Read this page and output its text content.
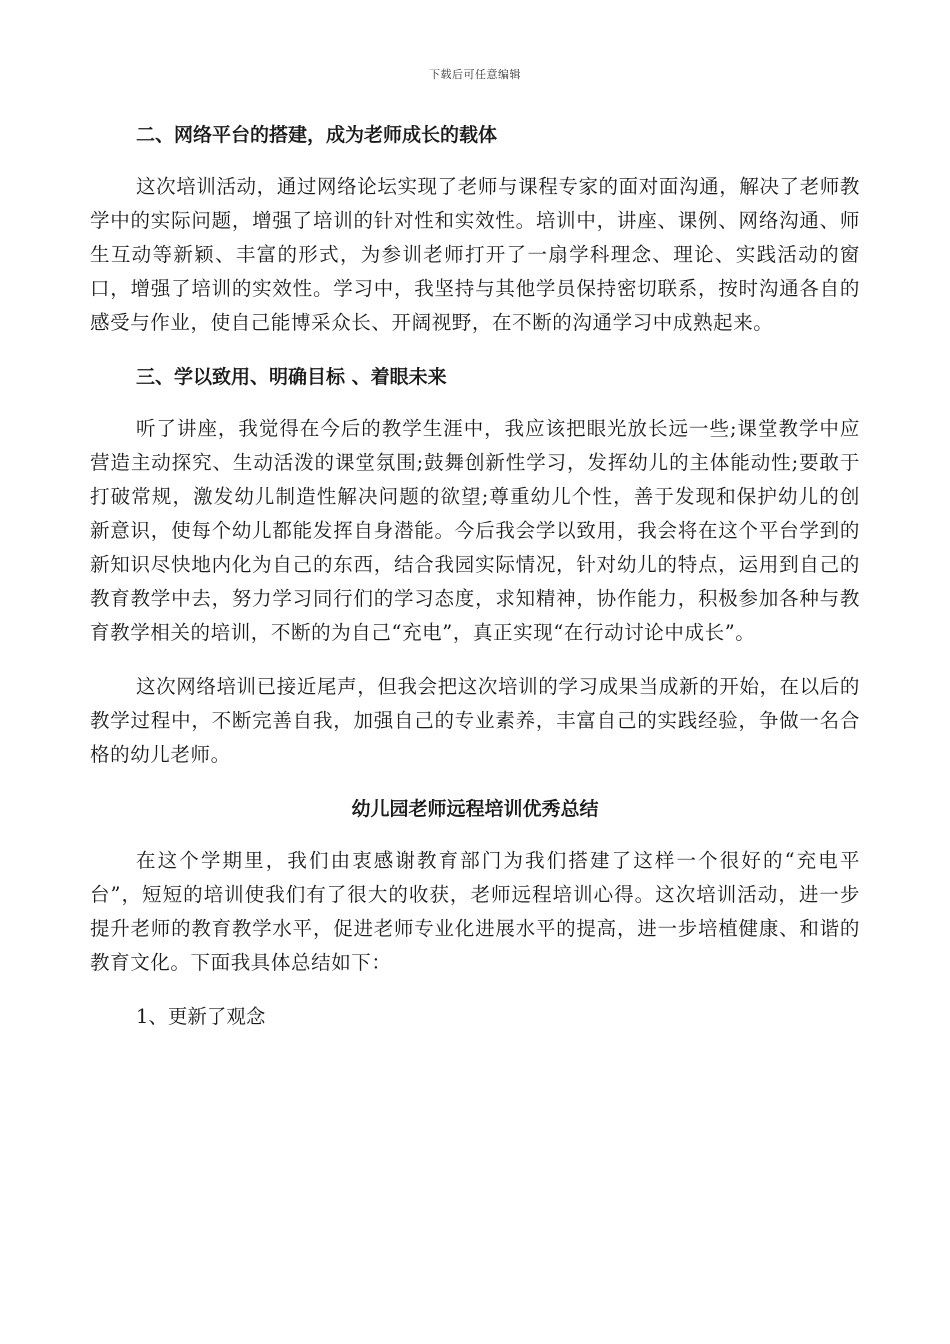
下载后可任意编辑
二、网络平台的搭建，成为老师成长的载体

这次培训活动，通过网络论坛实现了老师与课程专家的面对面沟通，解决了老师教学中的实际问题，增强了培训的针对性和实效性。培训中，讲座、课例、网络沟通、师生互动等新颖、丰富的形式，为参训老师打开了一扇学科理念、理论、实践活动的窗口，增强了培训的实效性。学习中，我坚持与其他学员保持密切联系，按时沟通各自的感受与作业，使自己能博采众长、开阔视野，在不断的沟通学习中成熟起来。

三、学以致用、明确目标 、着眼未来

听了讲座，我觉得在今后的教学生涯中，我应该把眼光放长远一些;课堂教学中应营造主动探究、生动活泼的课堂氛围;鼓舞创新性学习，发挥幼儿的主体能动性;要敢于打破常规，激发幼儿制造性解决问题的欲望;尊重幼儿个性，善于发现和保护幼儿的创新意识，使每个幼儿都能发挥自身潜能。今后我会学以致用，我会将在这个平台学到的新知识尽快地内化为自己的东西，结合我园实际情况，针对幼儿的特点，运用到自己的教育教学中去，努力学习同行们的学习态度，求知精神，协作能力，积极参加各种与教育教学相关的培训，不断的为自己“充电”，真正实现“在行动讨论中成长”。

这次网络培训已接近尾声，但我会把这次培训的学习成果当成新的开始，在以后的教学过程中，不断完善自我，加强自己的专业素养，丰富自己的实践经验，争做一名合格的幼儿老师。

幼儿园老师远程培训优秀总结

在这个学期里，我们由衷感谢教育部门为我们搭建了这样一个很好的“充电平台”，短短的培训使我们有了很大的收获，老师远程培训心得。这次培训活动，进一步提升老师的教育教学水平，促进老师专业化进展水平的提高，进一步培植健康、和谐的教育文化。下面我具体总结如下：

1、更新了观念
